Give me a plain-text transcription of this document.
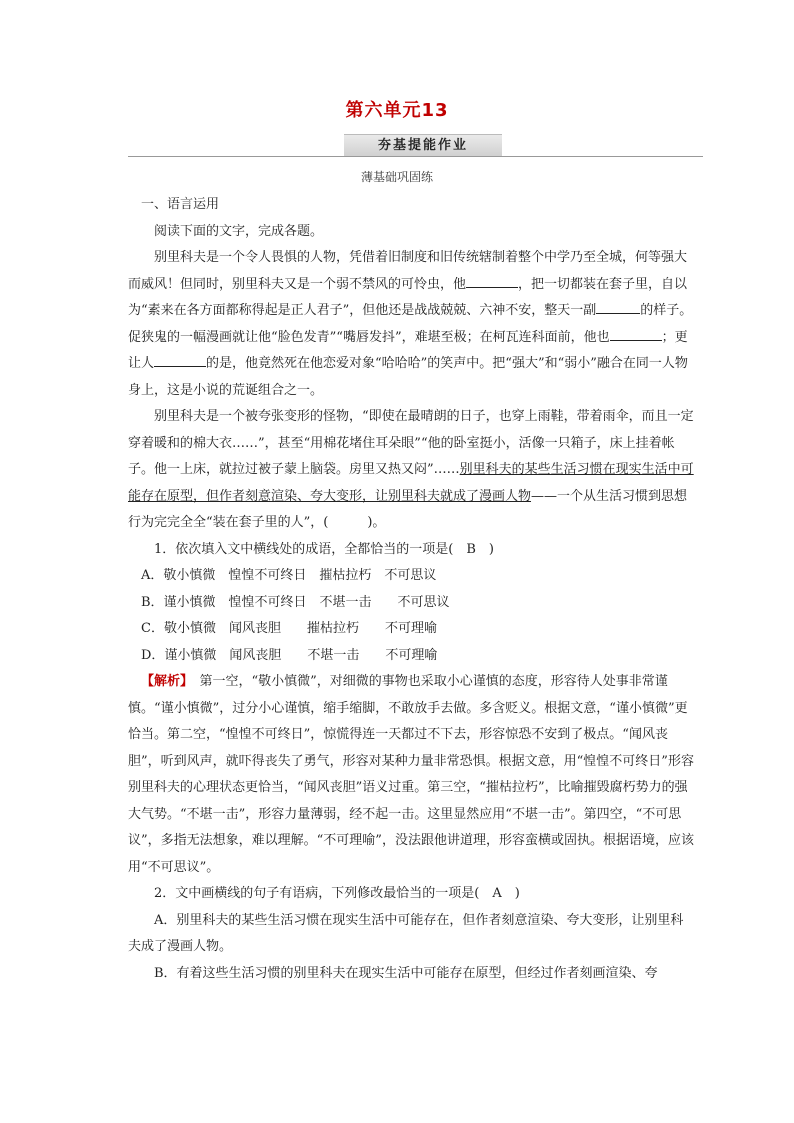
第六单元13
夯基提能作业
薄基础巩固练

一、语言运用

阅读下面的文字，完成各题。

别里科夫是一个令人畏惧的人物，凭借着旧制度和旧传统辖制着整个中学乃至全城，何等强大而威风！但同时，别里科夫又是一个弱不禁风的可怜虫，他	，把一切都装在套子里，自以为“素来在各方面都称得起是正人君子”，但他还是战战兢兢、六神不安，整天一副	的样子。促狭鬼的一幅漫画就让他“脸色发青”“嘴唇发抖”，难堪至极；在柯瓦连科面前，他也	；更让人	的是，他竟然死在他恋爱对象“哈哈哈”的笑声中。把“强大”和“弱小”融合在同一人物身上，这是小说的荒诞组合之一。

别里科夫是一个被夸张变形的怪物，“即使在最晴朗的日子，也穿上雨鞋，带着雨伞，而且一定穿着暖和的棉大衣……”，甚至“用棉花堵住耳朵眼”“他的卧室挺小，活像一只箱子，床上挂着帐子。他一上床，就拉过被子蒙上脑袋。房里又热又闷”……别里科夫的某些生活习惯在现实生活中可能存在原型，但作者刻意渲染、夸大变形，让别里科夫就成了漫画人物——一个从生活习惯到思想行为完完全全“装在套子里的人”，(　　　)。

1．依次填入文中横线处的成语，全都恰当的一项是(　B　)

A．敬小慎微　惶惶不可终日　摧枯拉朽　不可思议

B．谨小慎微　惶惶不可终日　不堪一击　　不可思议

C．敬小慎微　闻风丧胆　　摧枯拉朽　　不可理喻

D．谨小慎微　闻风丧胆　　不堪一击　　不可理喻

【解析】　第一空，“敬小慎微”，对细微的事物也采取小心谨慎的态度，形容待人处事非常谨慎。“谨小慎微”，过分小心谨慎，缩手缩脚，不敢放手去做。多含贬义。根据文意，“谨小慎微”更恰当。第二空，“惶惶不可终日”，惊慌得连一天都过不下去，形容惊恐不安到了极点。“闻风丧胆”，听到风声，就吓得丧失了勇气，形容对某种力量非常恐惧。根据文意，用“惶惶不可终日”形容别里科夫的心理状态更恰当，“闻风丧胆”语义过重。第三空，“摧枯拉朽”，比喻摧毁腐朽势力的强大气势。“不堪一击”，形容力量薄弱，经不起一击。这里显然应用“不堪一击”。第四空，“不可思议”，多指无法想象，难以理解。“不可理喻”，没法跟他讲道理，形容蛮横或固执。根据语境，应该用“不可思议”。

2．文中画横线的句子有语病，下列修改最恰当的一项是(　A　)

A．别里科夫的某些生活习惯在现实生活中可能存在，但作者刻意渲染、夸大变形，让别里科夫成了漫画人物。

B．有着这些生活习惯的别里科夫在现实生活中可能存在原型，但经过作者刻画渲染、夸
